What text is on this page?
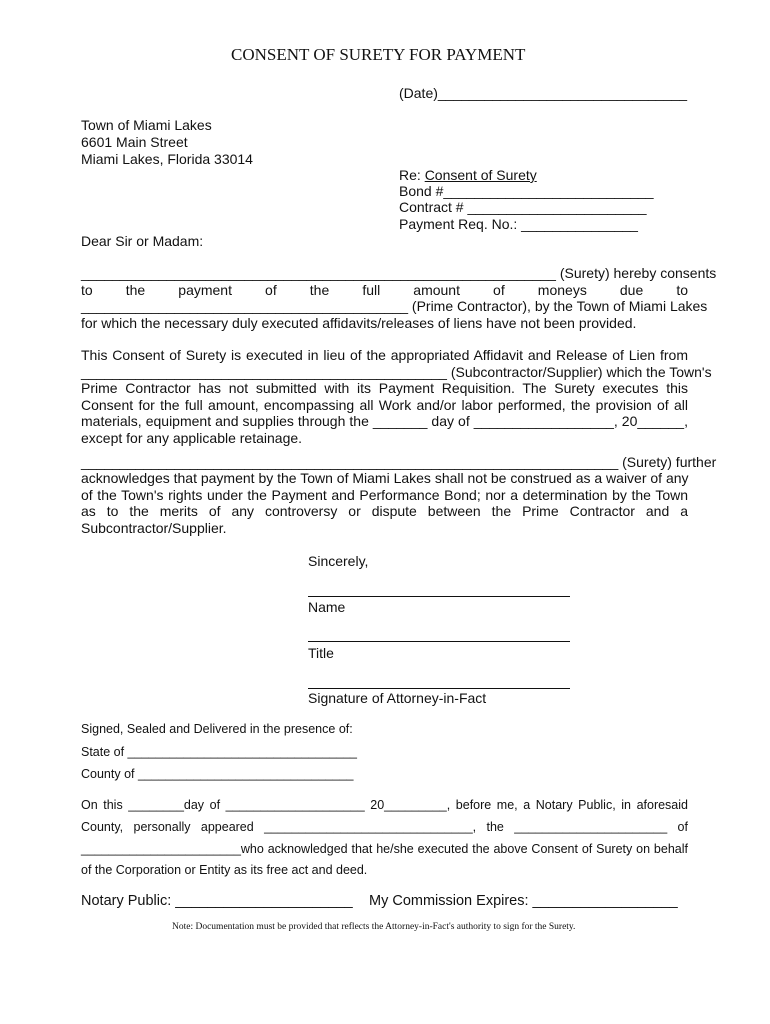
CONSENT OF SURETY FOR PAYMENT
(Date)________________________________
Town of Miami Lakes
6601 Main Street
Miami Lakes, Florida 33014
Re: Consent of Surety
Bond #___________________________
Contract # _______________________
Payment Req. No.: _______________
Dear Sir or Madam:
_____________________________________________________________ (Surety) hereby consents
to the payment of the full amount of moneys due to
__________________________________________ (Prime Contractor), by the Town of Miami Lakes
for which the necessary duly executed affidavits/releases of liens have not been provided.
This Consent of Surety is executed in lieu of the appropriated Affidavit and Release of Lien from
_______________________________________________ (Subcontractor/Supplier) which the Town's
Prime Contractor has not submitted with its Payment Requisition. The Surety executes this
Consent for the full amount, encompassing all Work and/or labor performed, the provision of all
materials, equipment and supplies through the _______ day of __________________, 20______,
except for any applicable retainage.
_____________________________________________________________________ (Surety) further
acknowledges that payment by the Town of Miami Lakes shall not be construed as a waiver of any
of the Town's rights under the Payment and Performance Bond; nor a determination by the Town
as to the merits of any controversy or dispute between the Prime Contractor and a
Subcontractor/Supplier.
Sincerely,
Name
Title
Signature of Attorney-in-Fact
Signed, Sealed and Delivered in the presence of:
State of _________________________________
County of _______________________________
On this ________day of ____________________ 20_________, before me, a Notary Public, in aforesaid
County, personally appeared ______________________________, the ______________________ of
_______________________who acknowledged that he/she executed the above Consent of Surety on behalf
of the Corporation or Entity as its free act and deed.
Notary Public: ______________________ My Commission Expires: __________________
Note: Documentation must be provided that reflects the Attorney-in-Fact's authority to sign for the Surety.
